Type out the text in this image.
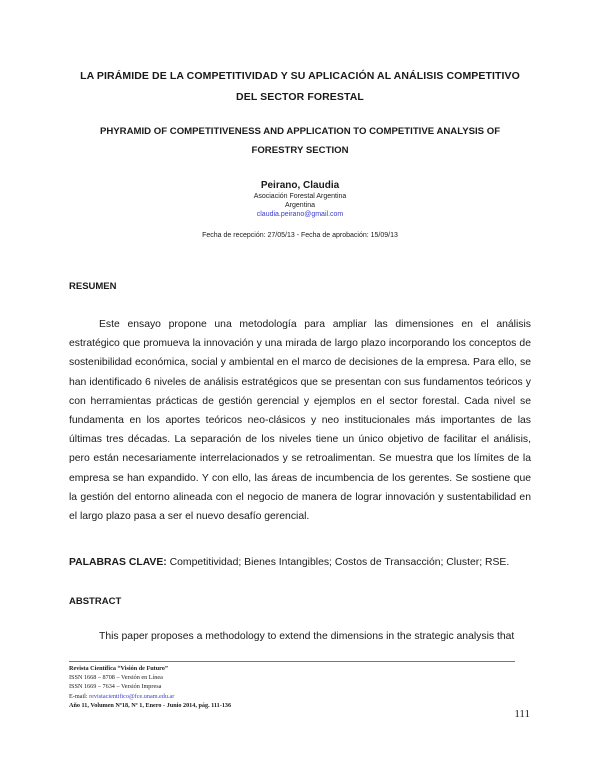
LA PIRÁMIDE DE LA COMPETITIVIDAD Y SU APLICACIÓN AL ANÁLISIS COMPETITIVO
DEL SECTOR FORESTAL
PHYRAMID OF COMPETITIVENESS AND APPLICATION TO COMPETITIVE ANALYSIS OF
FORESTRY SECTION
Peirano, Claudia
Asociación Forestal Argentina
Argentina
claudia.peirano@gmail.com
Fecha de recepción: 27/05/13 - Fecha de aprobación: 15/09/13
RESUMEN

Este ensayo propone una metodología para ampliar las dimensiones en el análisis estratégico que promueva la innovación y una mirada de largo plazo incorporando los conceptos de sostenibilidad económica, social y ambiental en el marco de decisiones de la empresa. Para ello, se han identificado 6 niveles de análisis estratégicos que se presentan con sus fundamentos teóricos y con herramientas prácticas de gestión gerencial y ejemplos en el sector forestal. Cada nivel se fundamenta en los aportes teóricos neo-clásicos y neo institucionales más importantes de las últimas tres décadas. La separación de los niveles tiene un único objetivo de facilitar el análisis, pero están necesariamente interrelacionados y se retroalimentan. Se muestra que los límites de la empresa se han expandido. Y con ello, las áreas de incumbencia de los gerentes. Se sostiene que la gestión del entorno alineada con el negocio de manera de lograr innovación y sustentabilidad en el largo plazo pasa a ser el nuevo desafío gerencial.

PALABRAS CLAVE: Competitividad; Bienes Intangibles; Costos de Transacción; Cluster; RSE.
ABSTRACT
This paper proposes a methodology to extend the dimensions in the strategic analysis that
Revista Científica “Visión de Futuro”
ISSN 1668 – 8708 – Versión en Línea
ISSN 1669 – 7634 – Versión Impresa
E-mail: revistacientifico@fce.unam.edu.ar
Año 11, Volumen Nº18, Nº 1, Enero - Junio 2014, pág. 111-136
111
